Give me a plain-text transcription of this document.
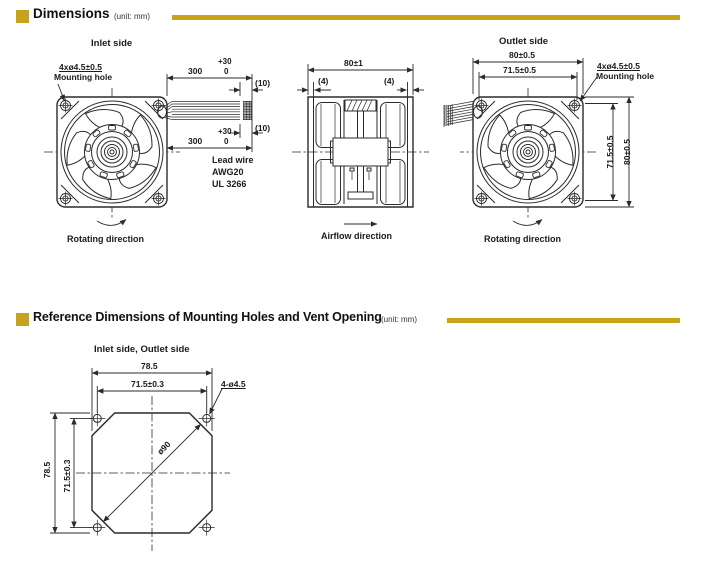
Dimensions (unit: mm)
Reference Dimensions of Mounting Holes and Vent Opening (unit: mm)
Inlet side
4xø4.5±0.5
Mounting hole
300
+30
0
(10)
300
+30
0
(10)
Lead wire
AWG20
UL 3266
Rotating direction
80±1
(4)	(4)
Airflow direction
Outlet side
80±0.5
71.5±0.5	4xø4.5±0.5
Mounting hole
71.5±0.5 80±0.5
Rotating direction
Inlet side, Outlet side
78.5
71.5±0.3	4-ø4.5
78.5 71.5±0.3
ø90
